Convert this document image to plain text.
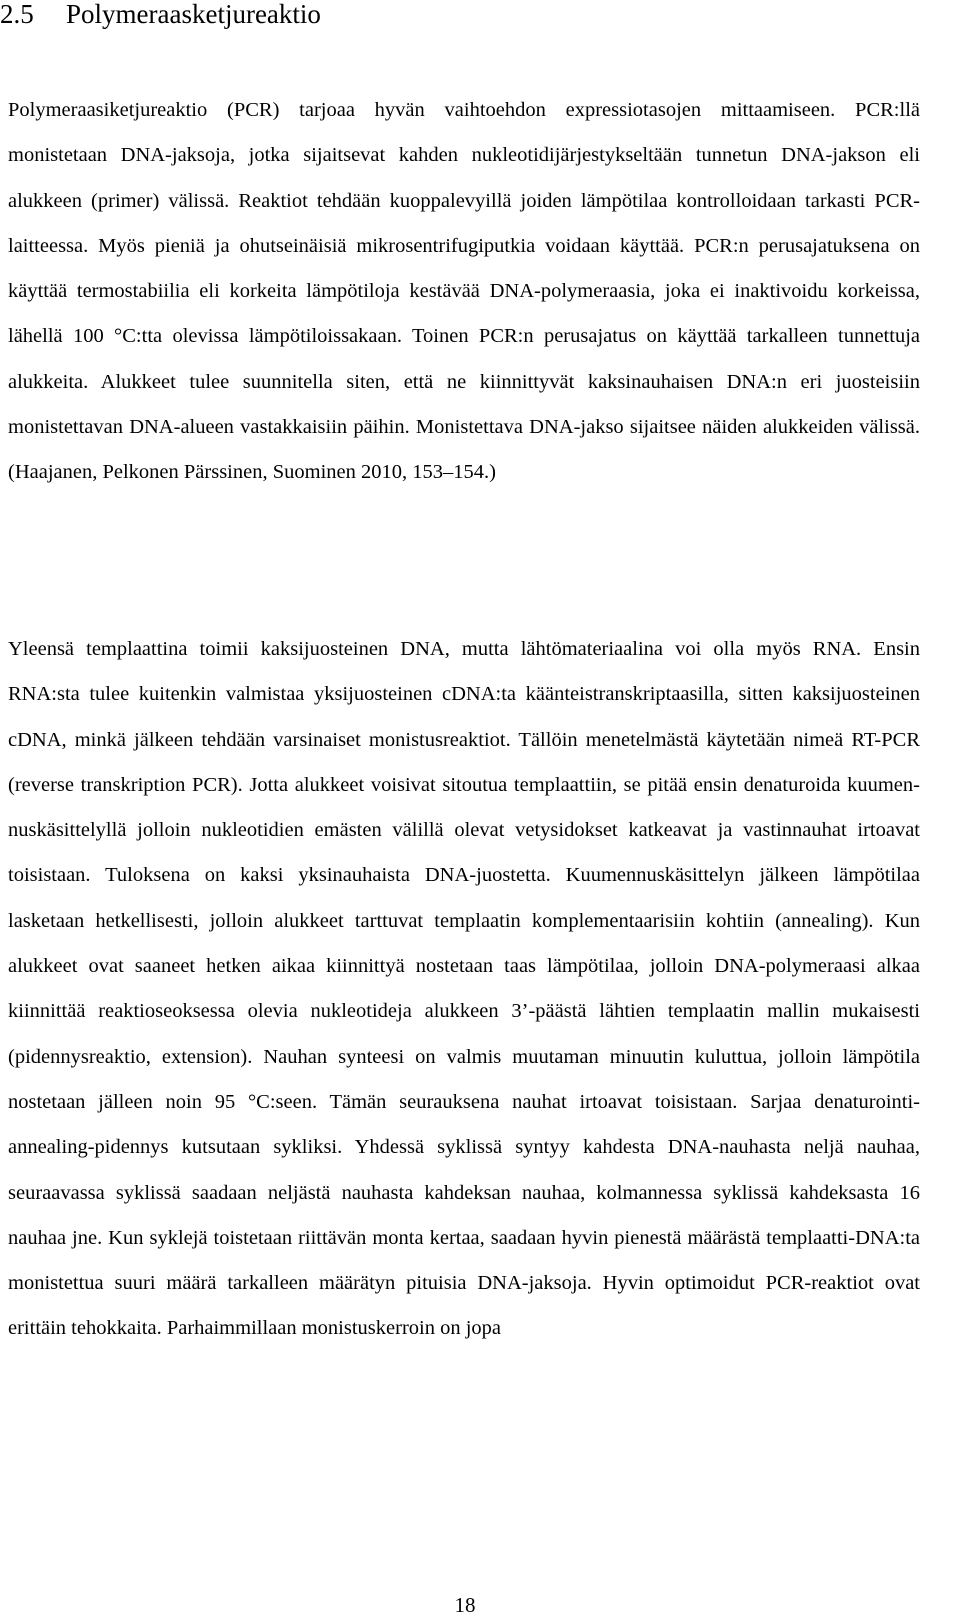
2.5 Polymeraasketjureaktio

Polymeraasiketjureaktio (PCR) tarjoaa hyvän vaihtoehdon expressiotasojen mittaamiseen. PCR:llä monistetaan DNA-jaksoja, jotka sijaitsevat kahden nukleotidijärjestykseltään tunnetun DNA-jakson eli alukkeen (primer) välissä. Reaktiot tehdään kuoppalevyillä joiden lämpötilaa kontrolloidaan tarkasti PCR-laitteessa. Myös pieniä ja ohutseinäisiä mikrosentrifugiputkia voidaan käyttää. PCR:n perusajatuksena on käyttää termostabiilia eli korkeita lämpötiloja kestävää DNA-polymeraasia, joka ei inaktivoidu korkeissa, lähellä 100 °C:tta olevissa lämpötiloissakaan. Toinen PCR:n perusajatus on käyttää tarkalleen tunnettuja alukkeita. Alukkeet tulee suunnitella siten, että ne kiinnittyvät kaksinauhaisen DNA:n eri juosteisiin monistettavan DNA-alueen vastakkaisiin päihin. Monistettava DNA-jakso sijaitsee näiden alukkeiden välissä. (Haajanen, Pelkonen Pärssinen, Suominen 2010, 153–154.)

Yleensä templaattina toimii kaksijuosteinen DNA, mutta lähtömateriaalina voi olla myös RNA. Ensin RNA:sta tulee kuitenkin valmistaa yksijuosteinen cDNA:ta käänteistranskriptaasilla, sitten kaksijuosteinen cDNA, minkä jälkeen tehdään varsinaiset monistusreaktiot. Tällöin menetelmästä käytetään nimeä RT-PCR (reverse transkription PCR). Jotta alukkeet voisivat sitoutua templaattiin, se pitää ensin denaturoida kuumennuskäsittelyllä jolloin nukleotidien emästen välillä olevat vetysidokset katkeavat ja vastinnauhat irtoavat toisistaan. Tuloksena on kaksi yksinauhaista DNA-juostetta. Kuumennuskäsittelyn jälkeen lämpötilaa lasketaan hetkellisesti, jolloin alukkeet tarttuvat templaatin komplementaarisiin kohtiin (annealing). Kun alukkeet ovat saaneet hetken aikaa kiinnittyä nostetaan taas lämpötilaa, jolloin DNA-polymeraasi alkaa kiinnittää reaktioseoksessa olevia nukleotideja alukkeen 3’-päästä lähtien templaatin mallin mukaisesti (pidennysreaktio, extension). Nauhan synteesi on valmis muutaman minuutin kuluttua, jolloin lämpötila nostetaan jälleen noin 95 °C:seen. Tämän seurauksena nauhat irtoavat toisistaan. Sarjaa denaturointi-annealing-pidennys kutsutaan sykliksi. Yhdessä syklissä syntyy kahdesta DNA-nauhasta neljä nauhaa, seuraavassa syklissä saadaan neljästä nauhasta kahdeksan nauhaa, kolmannessa syklissä kahdeksasta 16 nauhaa jne. Kun syklejä toistetaan riittävän monta kertaa, saadaan hyvin pienestä määrästä templaatti-DNA:ta monistettua suuri määrä tarkalleen määrätyn pituisia DNA-jaksoja. Hyvin optimoidut PCR-reaktiot ovat erittäin tehokkaita. Parhaimmillaan monistuskerroin on jopa

18
